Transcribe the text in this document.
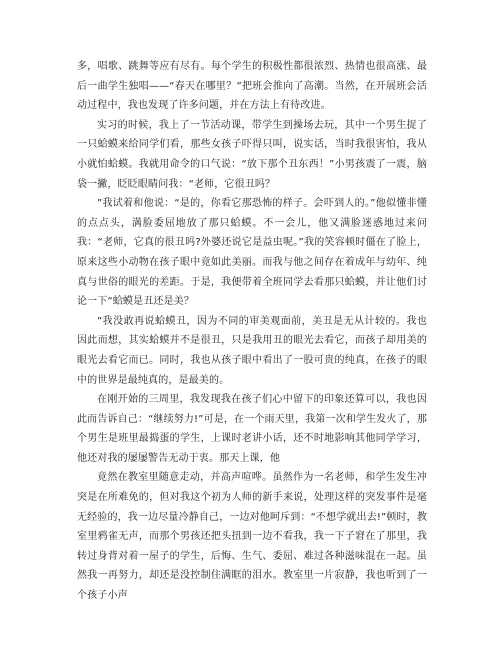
多，唱歌、跳舞等应有尽有。每个学生的积极性都很浓烈、热情也很高涨、最后一曲学生独唱——“春天在哪里？”把班会推向了高潮。当然，在开展班会活动过程中，我也发现了许多问题，并在方法上有待改进。

实习的时候，我上了一节活动课，带学生到操场去玩，其中一个男生捉了一只蛤蟆来给同学们看，那些女孩子吓得只叫，说实话，当时我很害怕，我从小就怕蛤蟆。我就用命令的口气说：“放下那个丑东西！”小男孩震了一震，脑袋一撇，眨眨眼睛问我：“老师，它很丑吗？

”我试着和他说：“是的，你看它那恐怖的样子。会吓到人的。”他似懂非懂的点点头，满脸委屈地放了那只蛤蟆。不一会儿，他又满脸迷惑地过来问我：“老师，它真的很丑吗?外婆还说它是益虫呢。”我的笑容顿时僵在了脸上，原来这些小动物在孩子眼中竟如此美丽。而我与他之间存在着成年与幼年、纯真与世俗的眼光的差距。于是，我便带着全班同学去看那只蛤蟆，并让他们讨论一下“蛤蟆是丑还是美？

”我没敢再说蛤蟆丑，因为不同的审美观面前，美丑是无从计较的。我也因此而想，其实蛤蟆并不是很丑，只是我用丑的眼光去看它，而孩子却用美的眼光去看它而已。同时，我也从孩子眼中看出了一股可贵的纯真，在孩子的眼中的世界是最纯真的，是最美的。

在刚开始的三周里，我发现我在孩子们心中留下的印象还算可以，我也因此而告诉自己：“继续努力!”可是，在一个雨天里，我第一次和学生发火了，那个男生是班里最捣蛋的学生，上课时老讲小话，还不时地影响其他同学学习，他还对我的屡屡警告无动于衷。那天上课，他

竟然在教室里随意走动，并高声喧哗。虽然作为一名老师，和学生发生冲突是在所难免的，但对我这个初为人师的新手来说，处理这样的突发事件是毫无经验的，我一边尽量冷静自己，一边对他呵斥到：“不想学就出去!”顿时，教室里鸦雀无声，而那个男孩还把头扭到一边不看我，我一下子窘在了那里，我转过身背对着一屋子的学生，后悔、生气、委屈、难过各种滋味混在一起。虽然我一再努力，却还是没控制住满眶的泪水。教室里一片寂静，我也听到了一个孩子小声
